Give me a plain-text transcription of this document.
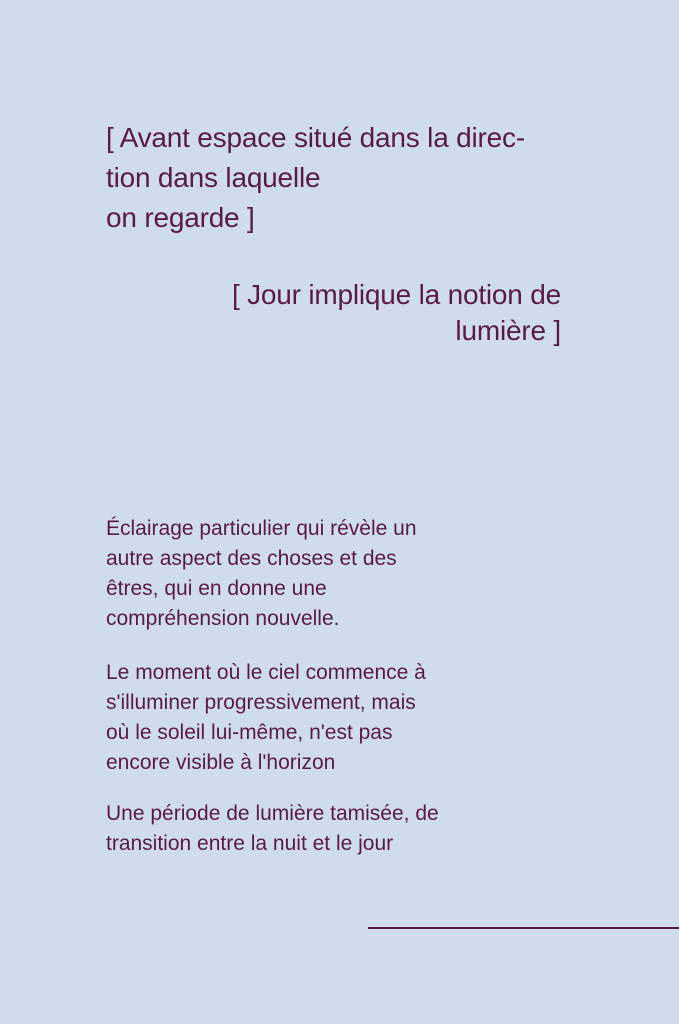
[ Avant espace situé dans la direc-
tion dans laquelle
on regarde ]
[ Jour implique la notion de
lumière ]
Éclairage particulier qui révèle un
autre aspect des choses et des
êtres, qui en donne une
compréhension nouvelle.
Le moment où le ciel commence à
s'illuminer progressivement, mais
où le soleil lui-même, n'est pas
encore visible à l'horizon
Une période de lumière tamisée, de
transition entre la nuit et le jour
